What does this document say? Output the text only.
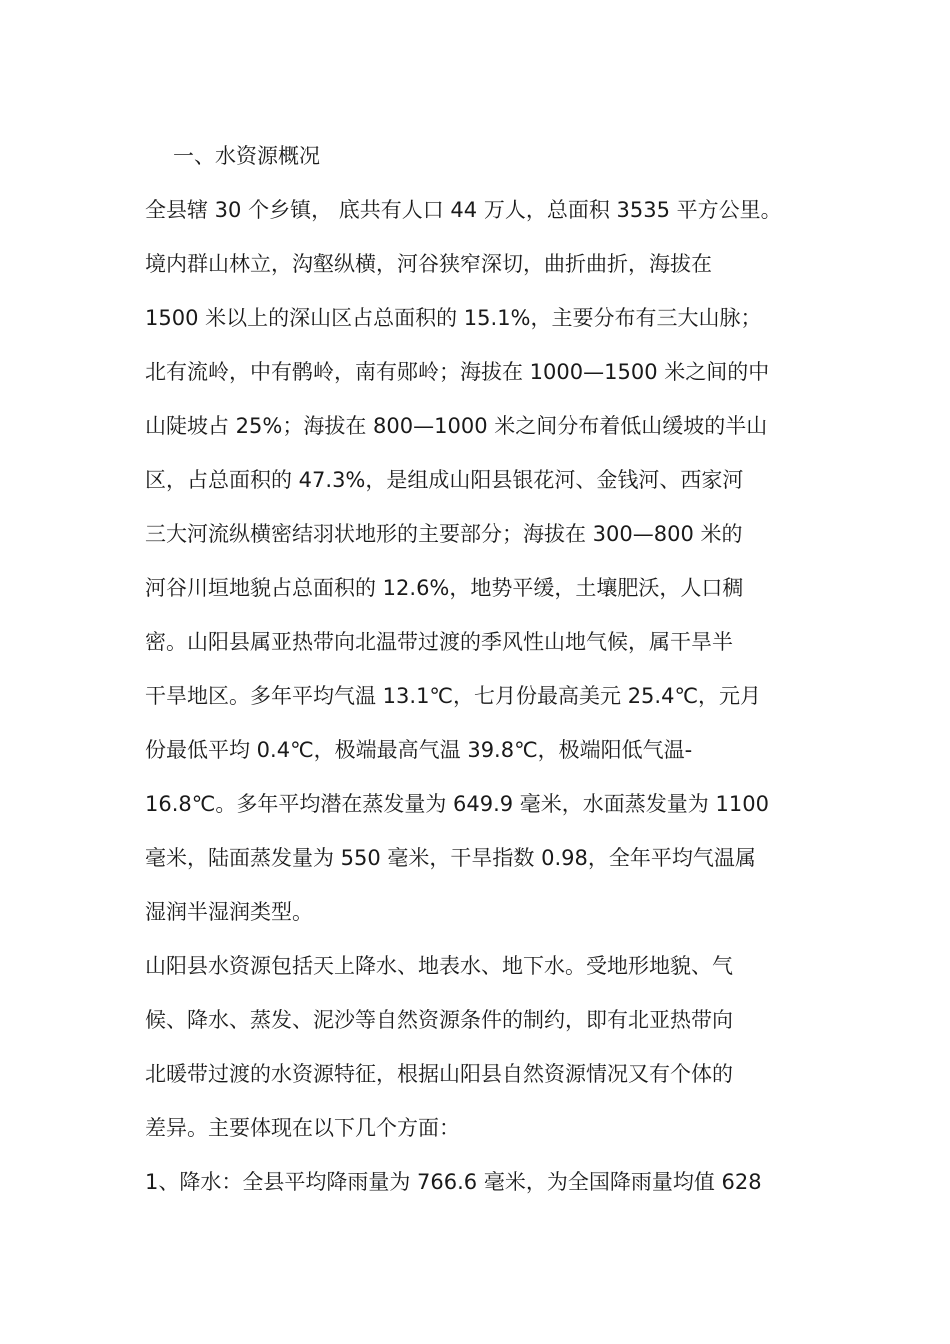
一、水资源概况
全县辖 30 个乡镇， 底共有人口 44 万人，总面积 3535 平方公里。
境内群山林立，沟壑纵横，河谷狭窄深切，曲折曲折，海拔在
1500 米以上的深山区占总面积的 15.1%，主要分布有三大山脉；
北有流岭，中有鹘岭，南有郧岭；海拔在 1000—1500 米之间的中
山陡坡占 25%；海拔在 800—1000 米之间分布着低山缓坡的半山
区，占总面积的 47.3%，是组成山阳县银花河、金钱河、西家河
三大河流纵横密结羽状地形的主要部分；海拔在 300—800 米的
河谷川垣地貌占总面积的 12.6%，地势平缓，土壤肥沃，人口稠
密。山阳县属亚热带向北温带过渡的季风性山地气候，属干旱半
干旱地区。多年平均气温 13.1℃，七月份最高美元 25.4℃，元月
份最低平均 0.4℃，极端最高气温 39.8℃，极端阳低气温-
16.8℃。多年平均潜在蒸发量为 649.9 毫米，水面蒸发量为 1100
毫米，陆面蒸发量为 550 毫米，干旱指数 0.98，全年平均气温属
湿润半湿润类型。
山阳县水资源包括天上降水、地表水、地下水。受地形地貌、气
候、降水、蒸发、泥沙等自然资源条件的制约，即有北亚热带向
北暖带过渡的水资源特征，根据山阳县自然资源情况又有个体的
差异。主要体现在以下几个方面：
1、降水：全县平均降雨量为 766.6 毫米，为全国降雨量均值 628
